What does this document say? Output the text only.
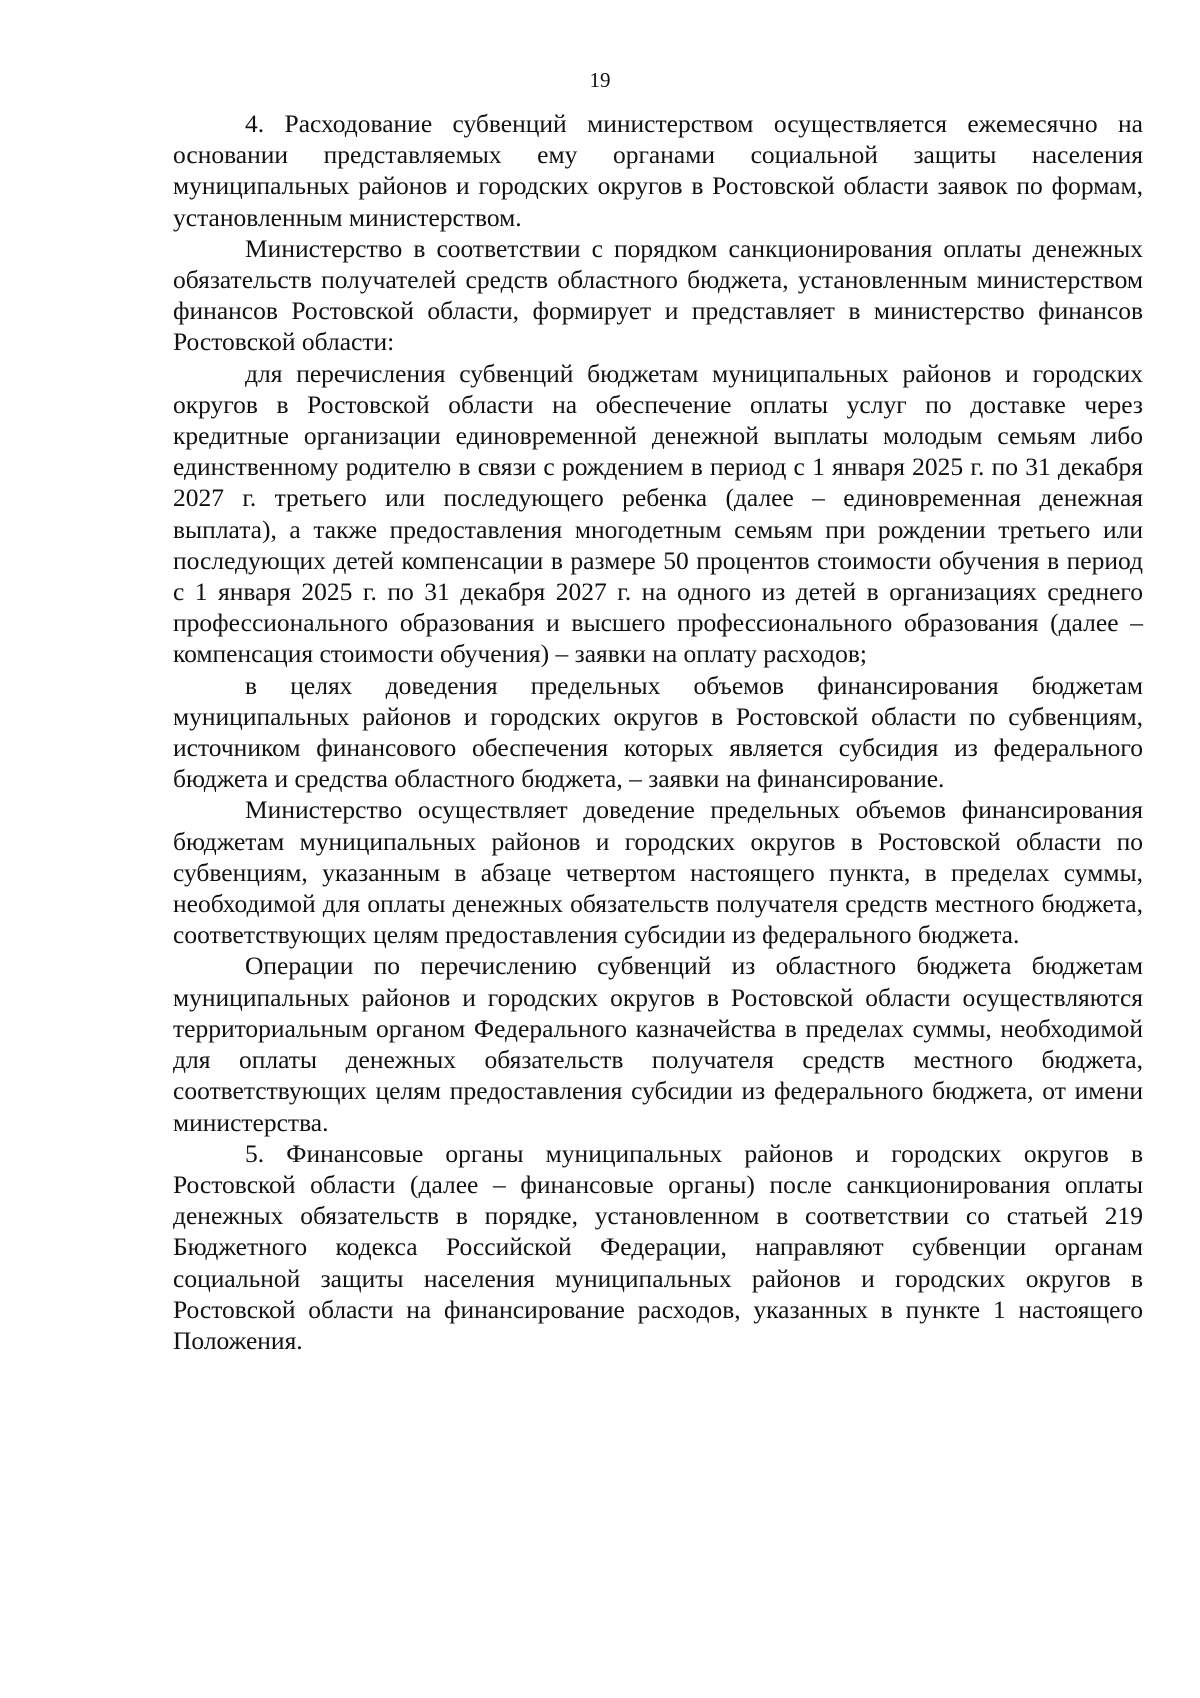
19

4. Расходование субвенций министерством осуществляется ежемесячно на основании представляемых ему органами социальной защиты населения муниципальных районов и городских округов в Ростовской области заявок по формам, установленным министерством.

Министерство в соответствии с порядком санкционирования оплаты денежных обязательств получателей средств областного бюджета, установленным министерством финансов Ростовской области, формирует и представляет в министерство финансов Ростовской области:

для перечисления субвенций бюджетам муниципальных районов и городских округов в Ростовской области на обеспечение оплаты услуг по доставке через кредитные организации единовременной денежной выплаты молодым семьям либо единственному родителю в связи с рождением в период с 1 января 2025 г. по 31 декабря 2027 г. третьего или последующего ребенка (далее – единовременная денежная выплата), а также предоставления многодетным семьям при рождении третьего или последующих детей компенсации в размере 50 процентов стоимости обучения в период с 1 января 2025 г. по 31 декабря 2027 г. на одного из детей в организациях среднего профессионального образования и высшего профессионального образования (далее – компенсация стоимости обучения) – заявки на оплату расходов;

в целях доведения предельных объемов финансирования бюджетам муниципальных районов и городских округов в Ростовской области по субвенциям, источником финансового обеспечения которых является субсидия из федерального бюджета и средства областного бюджета, – заявки на финансирование.

Министерство осуществляет доведение предельных объемов финансирования бюджетам муниципальных районов и городских округов в Ростовской области по субвенциям, указанным в абзаце четвертом настоящего пункта, в пределах суммы, необходимой для оплаты денежных обязательств получателя средств местного бюджета, соответствующих целям предоставления субсидии из федерального бюджета.

Операции по перечислению субвенций из областного бюджета бюджетам муниципальных районов и городских округов в Ростовской области осуществляются территориальным органом Федерального казначейства в пределах суммы, необходимой для оплаты денежных обязательств получателя средств местного бюджета, соответствующих целям предоставления субсидии из федерального бюджета, от имени министерства.

5. Финансовые органы муниципальных районов и городских округов в Ростовской области (далее – финансовые органы) после санкционирования оплаты денежных обязательств в порядке, установленном в соответствии со статьей 219 Бюджетного кодекса Российской Федерации, направляют субвенции органам социальной защиты населения муниципальных районов и городских округов в Ростовской области на финансирование расходов, указанных в пункте 1 настоящего Положения.
